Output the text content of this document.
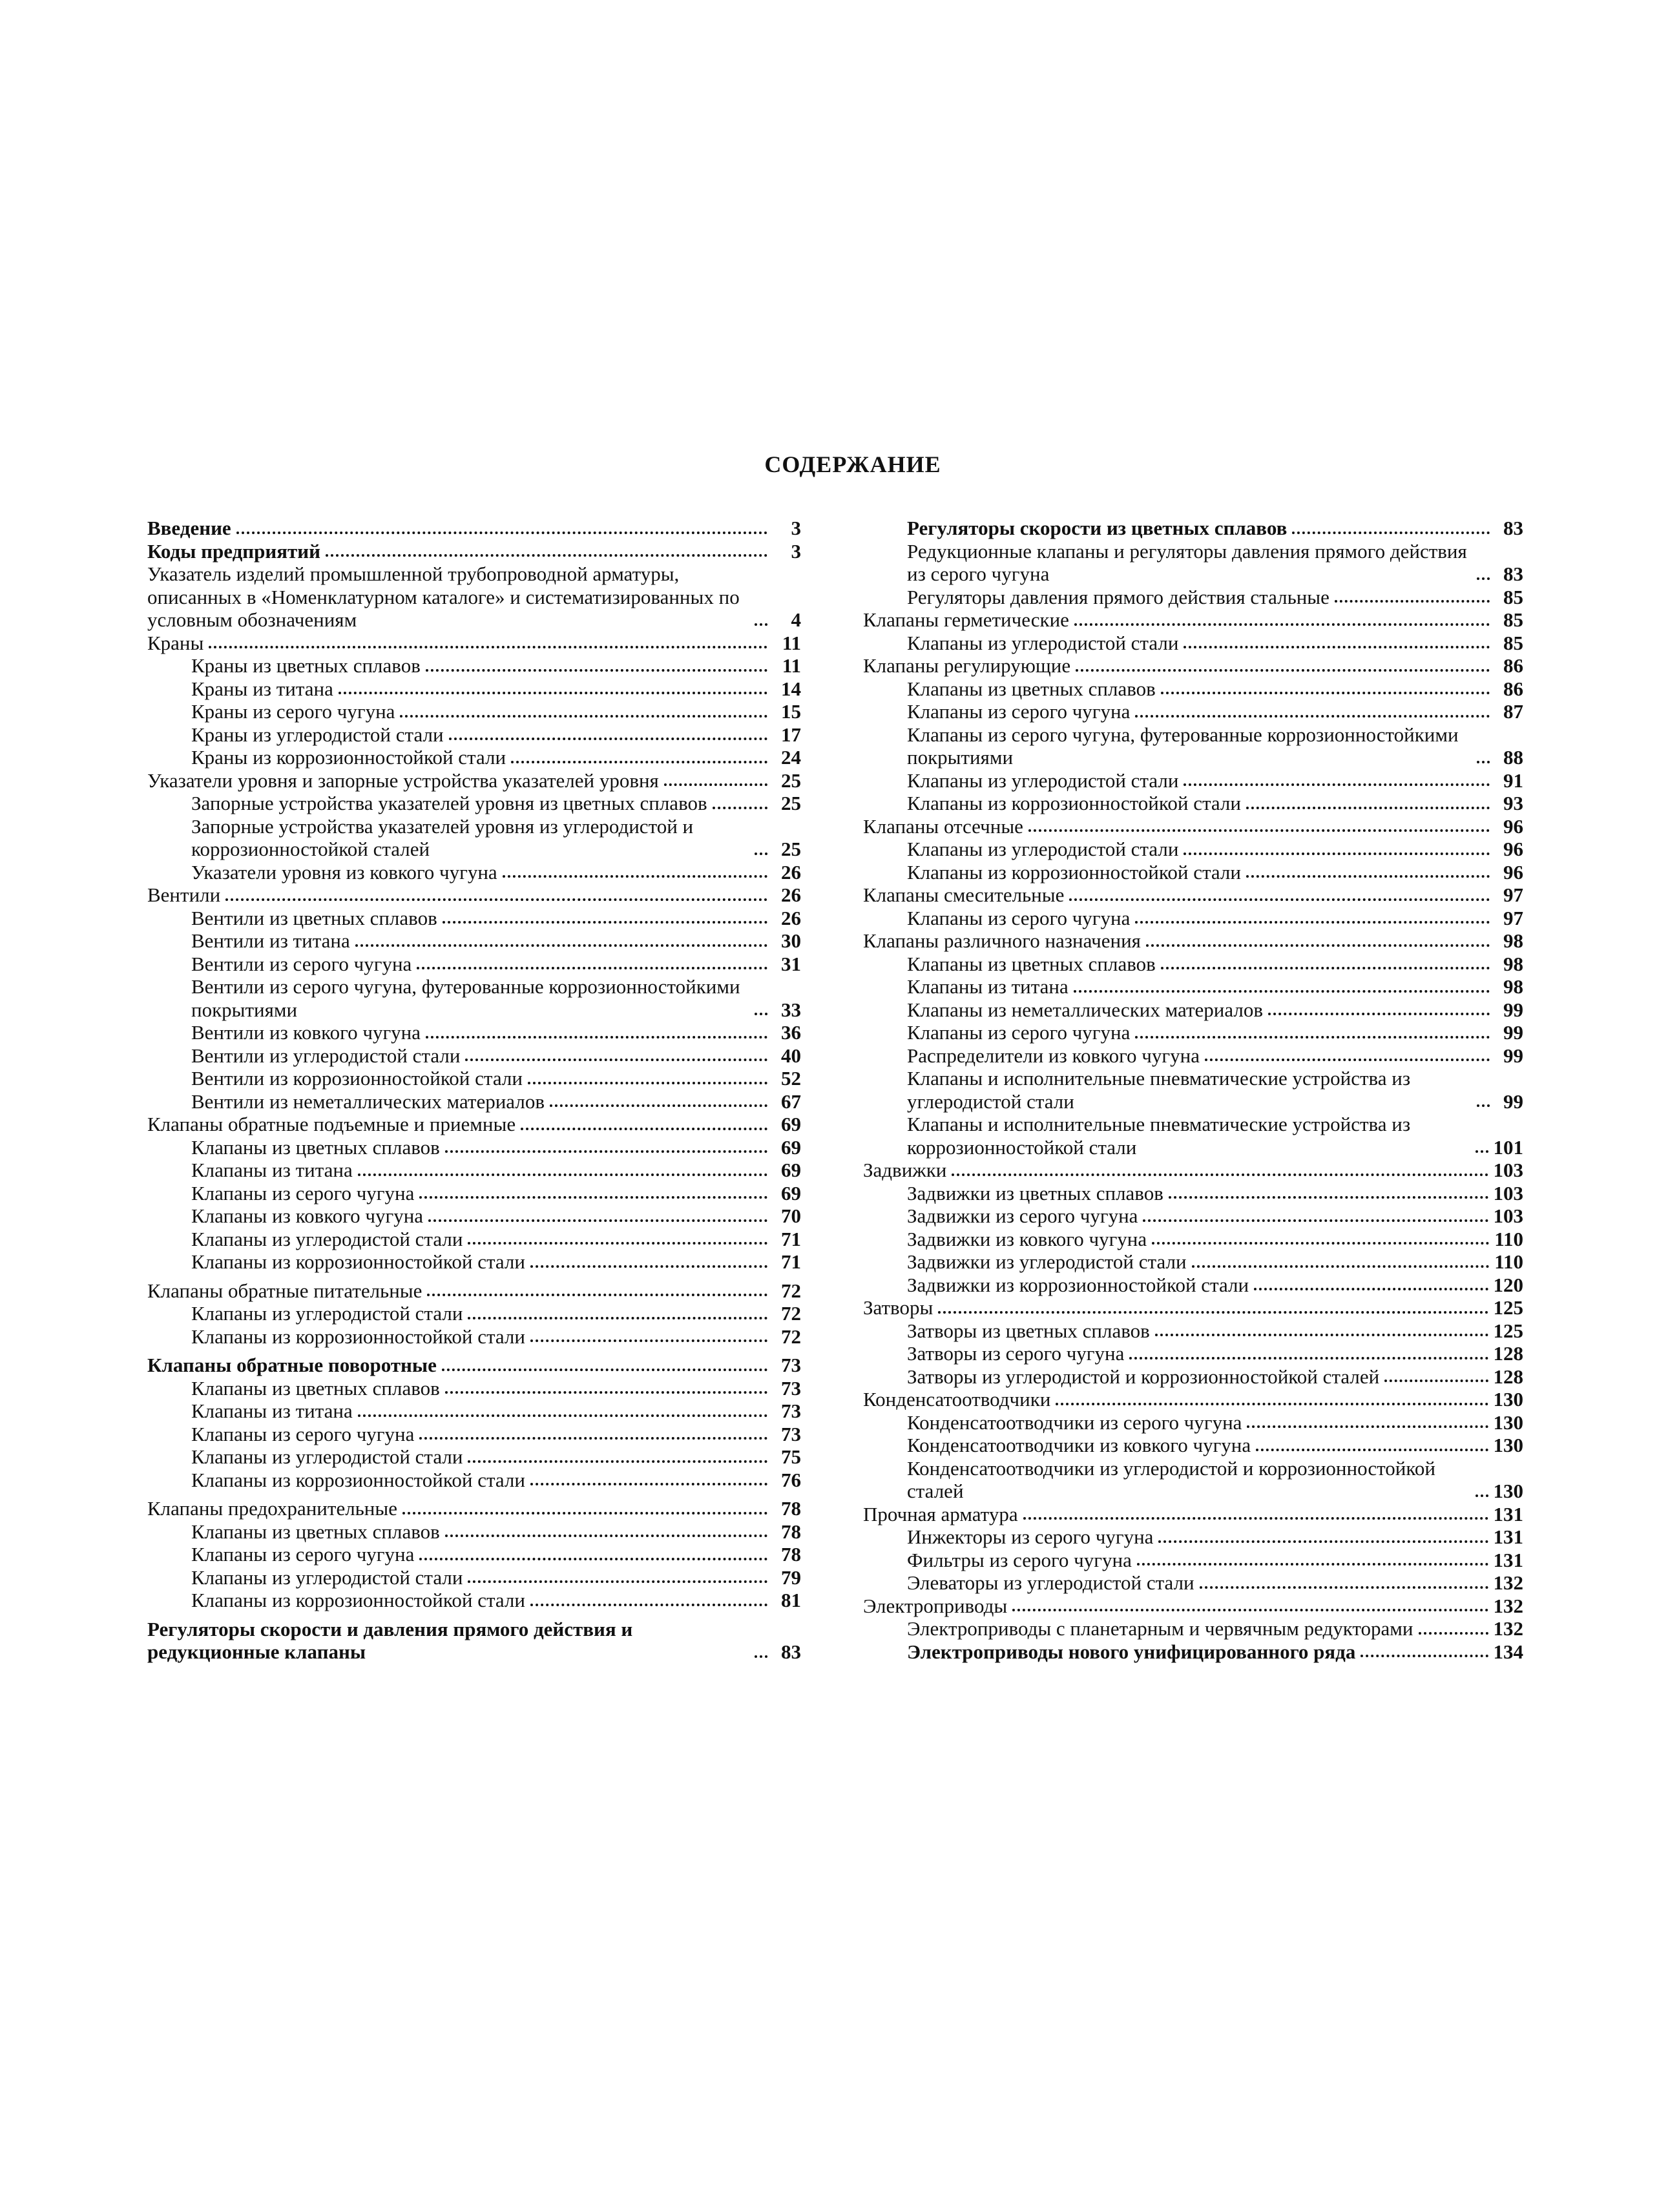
СОДЕРЖАНИЕ
Введение	3
Коды предприятий	3
Указатель изделий промышленной трубопроводной арматуры, описанных в «Номенклатурном каталоге» и систематизированных по условным обозначениям	4
Краны	11
Краны из цветных сплавов	11
Краны из титана	14
Краны из серого чугуна	15
Краны из углеродистой стали	17
Краны из коррозионностойкой стали	24
Указатели уровня и запорные устройства указателей уровня	25
Запорные устройства указателей уровня из цветных сплавов	25
Запорные устройства указателей уровня из углеродистой и коррозионностойкой сталей	25
Указатели уровня из ковкого чугуна	26
Вентили	26
Вентили из цветных сплавов	26
Вентили из титана	30
Вентили из серого чугуна	31
Вентили из серого чугуна, футерованные коррозионностойкими покрытиями	33
Вентили из ковкого чугуна	36
Вентили из углеродистой стали	40
Вентили из коррозионностойкой стали	52
Вентили из неметаллических материалов	67
Клапаны обратные подъемные и приемные	69
Клапаны из цветных сплавов	69
Клапаны из титана	69
Клапаны из серого чугуна	69
Клапаны из ковкого чугуна	70
Клапаны из углеродистой стали	71
Клапаны из коррозионностойкой стали	71
Клапаны обратные питательные	72
Клапаны из углеродистой стали	72
Клапаны из коррозионностойкой стали	72
Клапаны обратные поворотные	73
Клапаны из цветных сплавов	73
Клапаны из титана	73
Клапаны из серого чугуна	73
Клапаны из углеродистой стали	75
Клапаны из коррозионностойкой стали	76
Клапаны предохранительные	78
Клапаны из цветных сплавов	78
Клапаны из серого чугуна	78
Клапаны из углеродистой стали	79
Клапаны из коррозионностойкой стали	81
Регуляторы скорости и давления прямого действия и редукционные клапаны	83
Регуляторы скорости из цветных сплавов	83
Редукционные клапаны и регуляторы давления прямого действия из серого чугуна	83
Регуляторы давления прямого действия стальные	85
Клапаны герметические	85
Клапаны из углеродистой стали	85
Клапаны регулирующие	86
Клапаны из цветных сплавов	86
Клапаны из серого чугуна	87
Клапаны из серого чугуна, футерованные коррозионностойкими покрытиями	88
Клапаны из углеродистой стали	91
Клапаны из коррозионностойкой стали	93
Клапаны отсечные	96
Клапаны из углеродистой стали	96
Клапаны из коррозионностойкой стали	96
Клапаны смесительные	97
Клапаны из серого чугуна	97
Клапаны различного назначения	98
Клапаны из цветных сплавов	98
Клапаны из титана	98
Клапаны из неметаллических материалов	99
Клапаны из серого чугуна	99
Распределители из ковкого чугуна	99
Клапаны и исполнительные пневматические устройства из углеродистой стали	99
Клапаны и исполнительные пневматические устройства из коррозионностойкой стали	101
Задвижки	103
Задвижки из цветных сплавов	103
Задвижки из серого чугуна	103
Задвижки из ковкого чугуна	110
Задвижки из углеродистой стали	110
Задвижки из коррозионностойкой стали	120
Затворы	125
Затворы из цветных сплавов	125
Затворы из серого чугуна	128
Затворы из углеродистой и коррозионностойкой сталей	128
Конденсатоотводчики	130
Конденсатоотводчики из серого чугуна	130
Конденсатоотводчики из ковкого чугуна	130
Конденсатоотводчики из углеродистой и коррозионностойкой сталей	130
Прочная арматура	131
Инжекторы из серого чугуна	131
Фильтры из серого чугуна	131
Элеваторы из углеродистой стали	132
Электроприводы	132
Электроприводы с планетарным и червячным редукторами	132
Электроприводы нового унифицированного ряда	134
